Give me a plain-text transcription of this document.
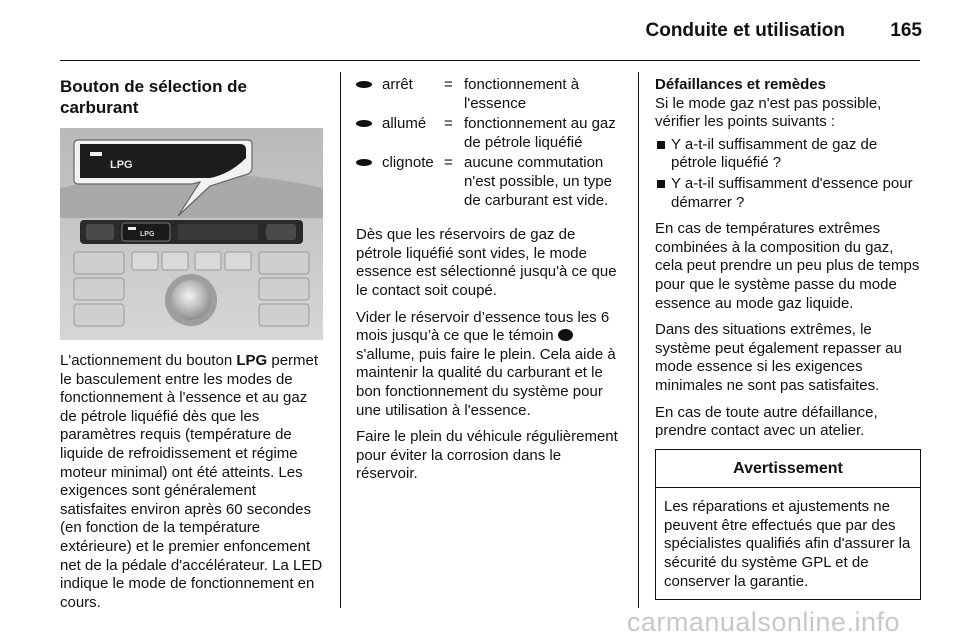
Conduite et utilisation 165
Bouton de sélection de
carburant
LPG
LPG

L'actionnement du bouton LPG permet le basculement entre les modes de fonctionnement à l'essence et au gaz de pétrole liquéfié dès que les paramètres requis (température de liquide de refroidissement et régime moteur minimal) ont été atteints. Les exigences sont généralement satisfaites environ après 60 secondes (en fonction de la température extérieure) et le premier enfoncement net de la pédale d'accélérateur. La LED indique le mode de fonctionnement en cours.

arrêt	= fonctionnement à l'essence
allumé	= fonctionnement au gaz de pétrole liquéfié
clignote = aucune commutation n'est possible, un type de carburant est vide.

Dès que les réservoirs de gaz de pétrole liquéfié sont vides, le mode essence est sélectionné jusqu'à ce que le contact soit coupé.

Vider le réservoir d’essence tous les 6 mois jusqu’à ce que le témoin  s'allume, puis faire le plein. Cela aide à maintenir la qualité du carburant et le bon fonctionnement du système pour une utilisation à l'essence.

Faire le plein du véhicule régulièrement pour éviter la corrosion dans le réservoir.

Défaillances et remèdes

Si le mode gaz n'est pas possible, vérifier les points suivants :

Y a-t-il suffisamment de gaz de pétrole liquéfié ?
Y a-t-il suffisamment d'essence pour démarrer ?

En cas de températures extrêmes combinées à la composition du gaz, cela peut prendre un peu plus de temps pour que le système passe du mode essence au mode gaz liquide.

Dans des situations extrêmes, le système peut également repasser au mode essence si les exigences minimales ne sont pas satisfaites.

En cas de toute autre défaillance, prendre contact avec un atelier.

Avertissement
Les réparations et ajustements ne peuvent être effectués que par des spécialistes qualifiés afin d'assurer la sécurité du système GPL et de conserver la garantie.
carmanualsonline.info
